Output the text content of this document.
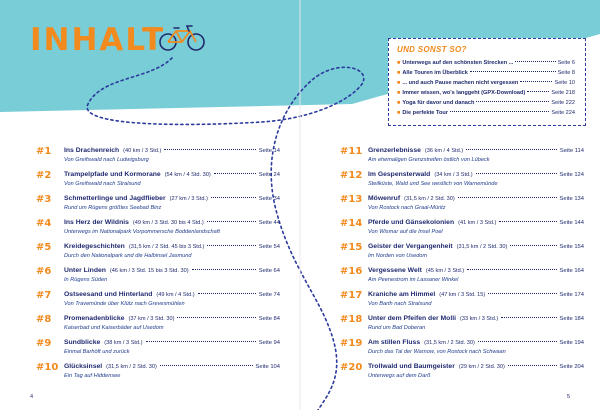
INHALT	UND SONST SO?
■ Unterwegs auf den schönsten Strecken ...	Seite 6
■ Alle Touren im Überblick	Seite 8
■ ... und auch Pause machen nicht vergessen	Seite 10
■ Immer wissen, wo's langgeht (GPX-Download)	Seite 218
■ Yoga für davor und danach	Seite 222
■ Die perfekte Tour	Seite 224
#1 Ins Drachenreich (40 km / 3 Std.)	Seite 14
Von Greifswald nach Ludwigsburg
#2 Trampelpfade und Kormorane (54 km / 4 Std. 30)	Seite 24
Von Greifswald nach Stralsund
#3 Schmetterlinge und Jagdflieber (27 km / 3 Std.)	Seite 34
Rund um Rügens größtes Seebad Binz
#4 Ins Herz der Wildnis (49 km / 3 Std. 30 bis 4 Std.)	Seite 44
Unterwegs im Nationalpark Vorpommersche Boddenlandschaft
#5 Kreidegeschichten (31,5 km / 2 Std. 45 bis 3 Std.)	Seite 54
Durch den Nationalpark und die Halbinsel Jasmund
#6 Unter Linden (46 km / 3 Std. 15 bis 3 Std. 30)	Seite 64
In Rügens Süden
#7 Ostseesand und Hinterland (49 km / 4 Std.)	Seite 74
Von Travemünde über Klütz nach Grevesmühlen
#8 Promenadenblicke (37 km / 3 Std. 30)	Seite 84
Kaiserbad und Kaiserbäder auf Usedom
#9 Sundblicke (38 km / 3 Std.)	Seite 94
Einmal Barhöft und zurück
#10 Glücksinsel (31,5 km / 2 Std. 30)	Seite 104
Ein Tag auf Hiddensee
#11 Grenzerlebnisse (36 km / 4 Std.)	Seite 114
Am ehemaligen Grenzstreifen östlich von Lübeck
#12 Im Gespensterwald (34 km / 3 Std.)	Seite 124
Steilküste, Wald und See westlich von Warnemünde
#13 Möwenruf (31,5 km / 2 Std. 30)	Seite 134
Von Rostock nach Graal-Müritz
#14 Pferde und Gänsekolonien (41 km / 3 Std.)	Seite 144
Von Wismar auf die Insel Poel
#15 Geister der Vergangenheit (31,5 km / 2 Std. 30)	Seite 154
Im Norden von Usedom
#16 Vergessene Welt (45 km / 3 Std.)	Seite 164
Am Peenestrom im Lassaner Winkel
#17 Kraniche am Himmel (47 km / 3 Std. 15)	Seite 174
Von Barth nach Stralsund
#18 Unter dem Pfeifen der Molli (33 km / 3 Std.)	Seite 184
Rund um Bad Doberan
#19 Am stillen Fluss (31,5 km / 2 Std. 30)	Seite 194
Durch das Tal der Warnow, von Rostock nach Schwaan
#20 Trollwald und Baumgeister (29 km / 2 Std. 30)	Seite 204
Unterwegs auf dem Darß
4	5
